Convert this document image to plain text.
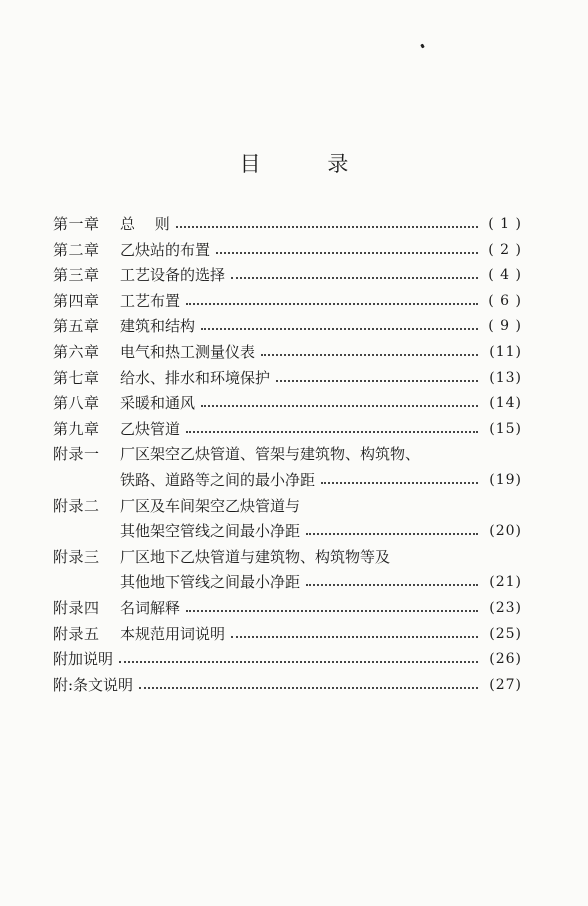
目 录
第一章	总　 则	( 1 )
第二章	乙炔站的布置	( 2 )
第三章	工艺设备的选择	( 4 )
第四章	工艺布置	( 6 )
第五章	建筑和结构	( 9 )
第六章	电气和热工测量仪表	(11)
第七章	给水、排水和环境保护	(13)
第八章	采暖和通风	(14)
第九章	乙炔管道	(15)
附录一	厂区架空乙炔管道、管架与建筑物、构筑物、
铁路、道路等之间的最小净距	(19)
附录二	厂区及车间架空乙炔管道与
其他架空管线之间最小净距	(20)
附录三	厂区地下乙炔管道与建筑物、构筑物等及
其他地下管线之间最小净距	(21)
附录四	名词解释	(23)
附录五	本规范用词说明	(25)
附加说明	(26)
附:条文说明	(27)
